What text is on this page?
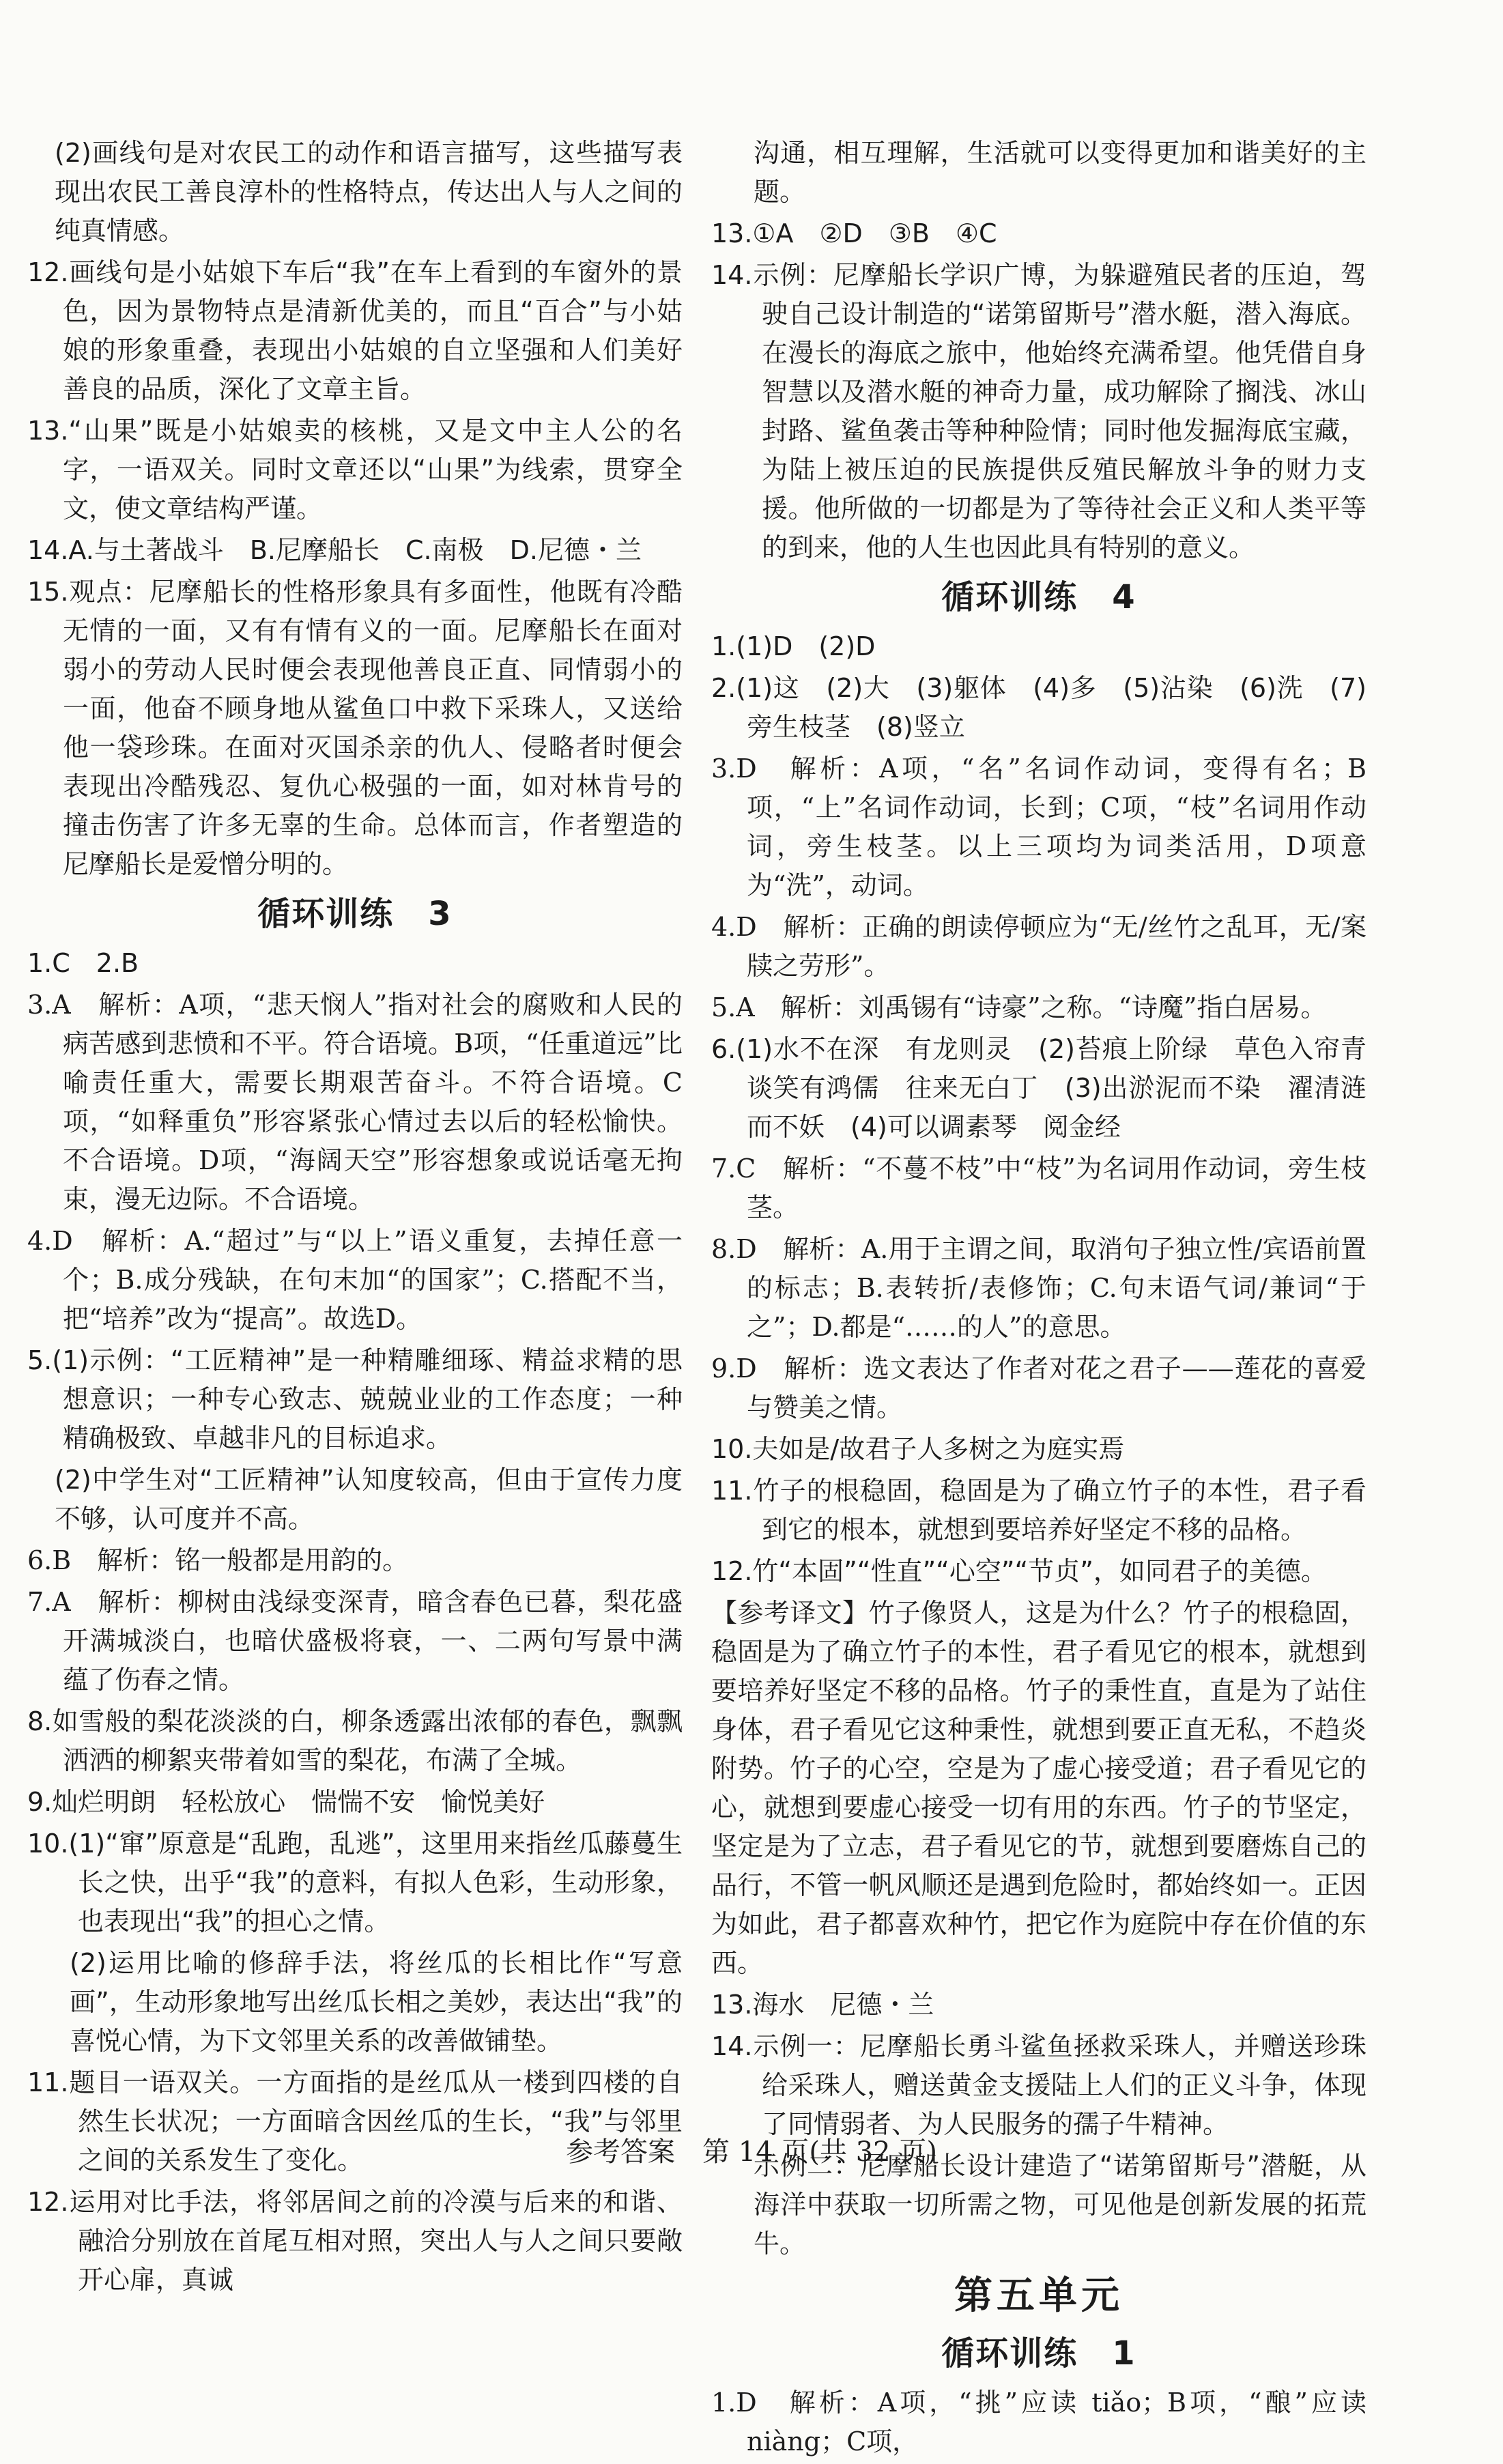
(2)画线句是对农民工的动作和语言描写，这些描写表现出农民工善良淳朴的性格特点，传达出人与人之间的纯真情感。
12.画线句是小姑娘下车后“我”在车上看到的车窗外的景色，因为景物特点是清新优美的，而且“百合”与小姑娘的形象重叠，表现出小姑娘的自立坚强和人们美好善良的品质，深化了文章主旨。
13.“山果”既是小姑娘卖的核桃，又是文中主人公的名字，一语双关。同时文章还以“山果”为线索，贯穿全文，使文章结构严谨。
14.A.与土著战斗　B.尼摩船长　C.南极　D.尼德・兰
15.观点：尼摩船长的性格形象具有多面性，他既有冷酷无情的一面，又有有情有义的一面。尼摩船长在面对弱小的劳动人民时便会表现他善良正直、同情弱小的一面，他奋不顾身地从鲨鱼口中救下采珠人，又送给他一袋珍珠。在面对灭国杀亲的仇人、侵略者时便会表现出冷酷残忍、复仇心极强的一面，如对林肯号的撞击伤害了许多无辜的生命。总体而言，作者塑造的尼摩船长是爱憎分明的。
循环训练　3
1.C　2.B
3.A　解析：A项，“悲天悯人”指对社会的腐败和人民的病苦感到悲愤和不平。符合语境。B项，“任重道远”比喻责任重大，需要长期艰苦奋斗。不符合语境。C项，“如释重负”形容紧张心情过去以后的轻松愉快。不合语境。D项，“海阔天空”形容想象或说话毫无拘束，漫无边际。不合语境。
4.D　解析：A.“超过”与“以上”语义重复，去掉任意一个；B.成分残缺，在句末加“的国家”；C.搭配不当，把“培养”改为“提高”。故选D。
5.(1)示例：“工匠精神”是一种精雕细琢、精益求精的思想意识；一种专心致志、兢兢业业的工作态度；一种精确极致、卓越非凡的目标追求。
(2)中学生对“工匠精神”认知度较高，但由于宣传力度不够，认可度并不高。
6.B　解析：铭一般都是用韵的。
7.A　解析：柳树由浅绿变深青，暗含春色已暮，梨花盛开满城淡白，也暗伏盛极将衰，一、二两句写景中满蕴了伤春之情。
8.如雪般的梨花淡淡的白，柳条透露出浓郁的春色，飘飘洒洒的柳絮夹带着如雪的梨花，布满了全城。
9.灿烂明朗　轻松放心　惴惴不安　愉悦美好
10.(1)“窜”原意是“乱跑，乱逃”，这里用来指丝瓜藤蔓生长之快，出乎“我”的意料，有拟人色彩，生动形象，也表现出“我”的担心之情。
(2)运用比喻的修辞手法，将丝瓜的长相比作“写意画”，生动形象地写出丝瓜长相之美妙，表达出“我”的喜悦心情，为下文邻里关系的改善做铺垫。
11.题目一语双关。一方面指的是丝瓜从一楼到四楼的自然生长状况；一方面暗含因丝瓜的生长，“我”与邻里之间的关系发生了变化。
12.运用对比手法，将邻居间之前的冷漠与后来的和谐、融洽分别放在首尾互相对照，突出人与人之间只要敞开心扉，真诚
沟通，相互理解，生活就可以变得更加和谐美好的主题。
13.①A　②D　③B　④C
14.示例：尼摩船长学识广博，为躲避殖民者的压迫，驾驶自己设计制造的“诺第留斯号”潜水艇，潜入海底。在漫长的海底之旅中，他始终充满希望。他凭借自身智慧以及潜水艇的神奇力量，成功解除了搁浅、冰山封路、鲨鱼袭击等种种险情；同时他发掘海底宝藏，为陆上被压迫的民族提供反殖民解放斗争的财力支援。他所做的一切都是为了等待社会正义和人类平等的到来，他的人生也因此具有特别的意义。
循环训练　4
1.(1)D　(2)D
2.(1)这　(2)大　(3)躯体　(4)多　(5)沾染　(6)洗　(7)旁生枝茎　(8)竖立
3.D　解析：A项，“名”名词作动词，变得有名；B项，“上”名词作动词，长到；C项，“枝”名词用作动词，旁生枝茎。以上三项均为词类活用，D项意为“洗”，动词。
4.D　解析：正确的朗读停顿应为“无/丝竹之乱耳，无/案牍之劳形”。
5.A　解析：刘禹锡有“诗豪”之称。“诗魔”指白居易。
6.(1)水不在深　有龙则灵　(2)苔痕上阶绿　草色入帘青　谈笑有鸿儒　往来无白丁　(3)出淤泥而不染　濯清涟而不妖　(4)可以调素琴　阅金经
7.C　解析：“不蔓不枝”中“枝”为名词用作动词，旁生枝茎。
8.D　解析：A.用于主谓之间，取消句子独立性/宾语前置的标志；B.表转折/表修饰；C.句末语气词/兼词“于之”；D.都是“……的人”的意思。
9.D　解析：选文表达了作者对花之君子——莲花的喜爱与赞美之情。
10.夫如是/故君子人多树之为庭实焉
11.竹子的根稳固，稳固是为了确立竹子的本性，君子看到它的根本，就想到要培养好坚定不移的品格。
12.竹“本固”“性直”“心空”“节贞”，如同君子的美德。
【参考译文】竹子像贤人，这是为什么？竹子的根稳固，稳固是为了确立竹子的本性，君子看见它的根本，就想到要培养好坚定不移的品格。竹子的秉性直，直是为了站住身体，君子看见它这种秉性，就想到要正直无私，不趋炎附势。竹子的心空，空是为了虚心接受道；君子看见它的心，就想到要虚心接受一切有用的东西。竹子的节坚定，坚定是为了立志，君子看见它的节，就想到要磨炼自己的品行，不管一帆风顺还是遇到危险时，都始终如一。正因为如此，君子都喜欢种竹，把它作为庭院中存在价值的东西。
13.海水　尼德・兰
14.示例一：尼摩船长勇斗鲨鱼拯救采珠人，并赠送珍珠给采珠人，赠送黄金支援陆上人们的正义斗争，体现了同情弱者、为人民服务的孺子牛精神。
示例二：尼摩船长设计建造了“诺第留斯号”潜艇，从海洋中获取一切所需之物，可见他是创新发展的拓荒牛。
第五单元
循环训练　1
1.D　解析：A项，“挑”应读 tiǎo；B项，“酿”应读 niàng；C项，
参考答案　第 14 页(共 32 页)
